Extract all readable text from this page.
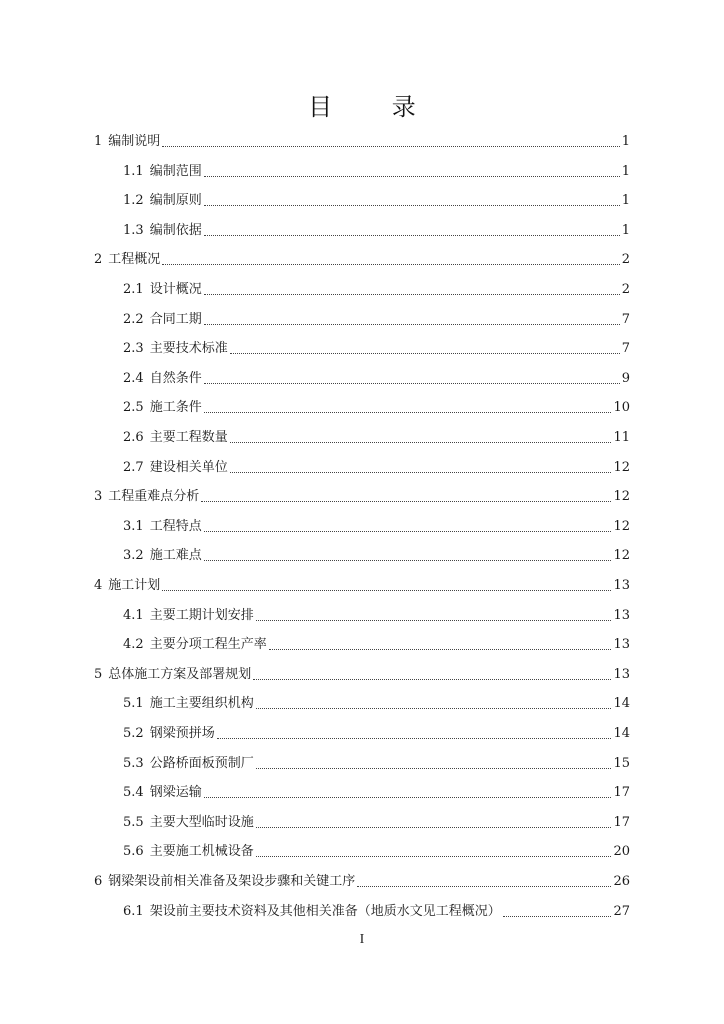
目 录
1 编制说明	1
1.1 编制范围	1
1.2 编制原则	1
1.3 编制依据	1
2 工程概况	2
2.1 设计概况	2
2.2 合同工期	7
2.3 主要技术标准	7
2.4 自然条件	9
2.5 施工条件	10
2.6 主要工程数量	11
2.7 建设相关单位	12
3 工程重难点分析	12
3.1 工程特点	12
3.2 施工难点	12
4 施工计划	13
4.1 主要工期计划安排	13
4.2 主要分项工程生产率	13
5 总体施工方案及部署规划	13
5.1 施工主要组织机构	14
5.2 钢梁预拼场	14
5.3 公路桥面板预制厂	15
5.4 钢梁运输	17
5.5 主要大型临时设施	17
5.6 主要施工机械设备	20
6 钢梁架设前相关准备及架设步骤和关键工序	26
6.1 架设前主要技术资料及其他相关准备（地质水文见工程概况）	27
I
